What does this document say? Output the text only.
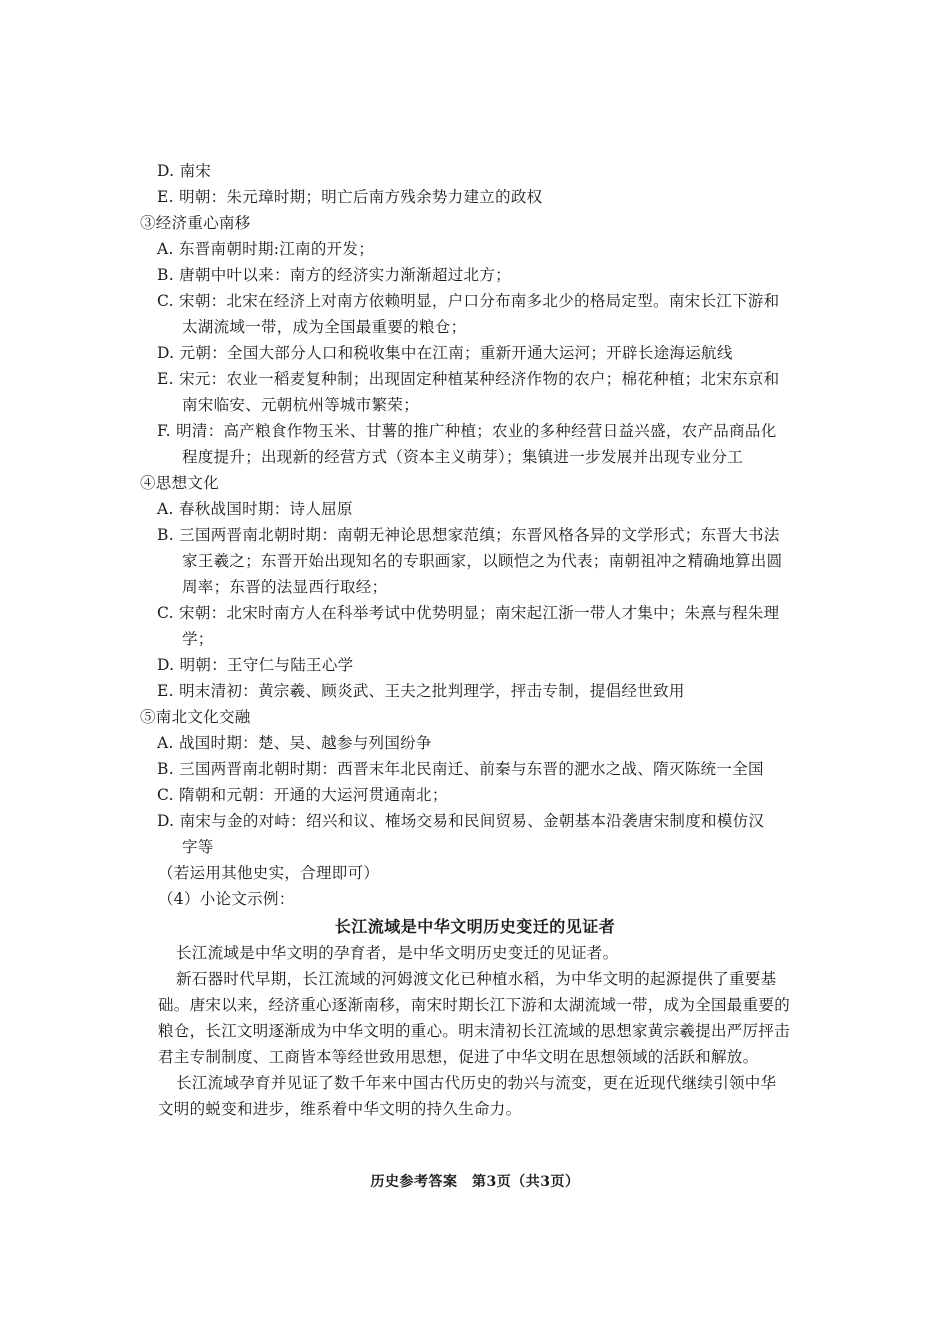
D. 南宋
E. 明朝：朱元璋时期；明亡后南方残余势力建立的政权
③经济重心南移
A. 东晋南朝时期:江南的开发；
B. 唐朝中叶以来：南方的经济实力渐渐超过北方；
C. 宋朝：北宋在经济上对南方依赖明显，户口分布南多北少的格局定型。南宋长江下游和
太湖流域一带，成为全国最重要的粮仓；
D. 元朝：全国大部分人口和税收集中在江南；重新开通大运河；开辟长途海运航线
E. 宋元：农业一稻麦复种制；出现固定种植某种经济作物的农户；棉花种植；北宋东京和
南宋临安、元朝杭州等城市繁荣；
F. 明清：高产粮食作物玉米、甘薯的推广种植；农业的多种经营日益兴盛，农产品商品化
程度提升；出现新的经营方式（资本主义萌芽）；集镇进一步发展并出现专业分工
④思想文化
A. 春秋战国时期：诗人屈原
B. 三国两晋南北朝时期：南朝无神论思想家范缜；东晋风格各异的文学形式；东晋大书法
家王羲之；东晋开始出现知名的专职画家，以顾恺之为代表；南朝祖冲之精确地算出圆
周率；东晋的法显西行取经；
C. 宋朝：北宋时南方人在科举考试中优势明显；南宋起江浙一带人才集中；朱熹与程朱理
学；
D. 明朝：王守仁与陆王心学
E. 明末清初：黄宗羲、顾炎武、王夫之批判理学，抨击专制，提倡经世致用
⑤南北文化交融
A. 战国时期：楚、吴、越参与列国纷争
B. 三国两晋南北朝时期：西晋末年北民南迁、前秦与东晋的淝水之战、隋灭陈统一全国
C. 隋朝和元朝：开通的大运河贯通南北；
D. 南宋与金的对峙：绍兴和议、榷场交易和民间贸易、金朝基本沿袭唐宋制度和模仿汉
字等
（若运用其他史实，合理即可）
（4）小论文示例：
长江流域是中华文明历史变迁的见证者
长江流域是中华文明的孕育者，是中华文明历史变迁的见证者。
新石器时代早期，长江流域的河姆渡文化已种植水稻，为中华文明的起源提供了重要基
础。唐宋以来，经济重心逐渐南移，南宋时期长江下游和太湖流域一带，成为全国最重要的
粮仓，长江文明逐渐成为中华文明的重心。明末清初长江流域的思想家黄宗羲提出严厉抨击
君主专制制度、工商皆本等经世致用思想，促进了中华文明在思想领域的活跃和解放。
长江流域孕育并见证了数千年来中国古代历史的勃兴与流变，更在近现代继续引领中华
文明的蜕变和进步，维系着中华文明的持久生命力。
历史参考答案　第3页（共3页）
